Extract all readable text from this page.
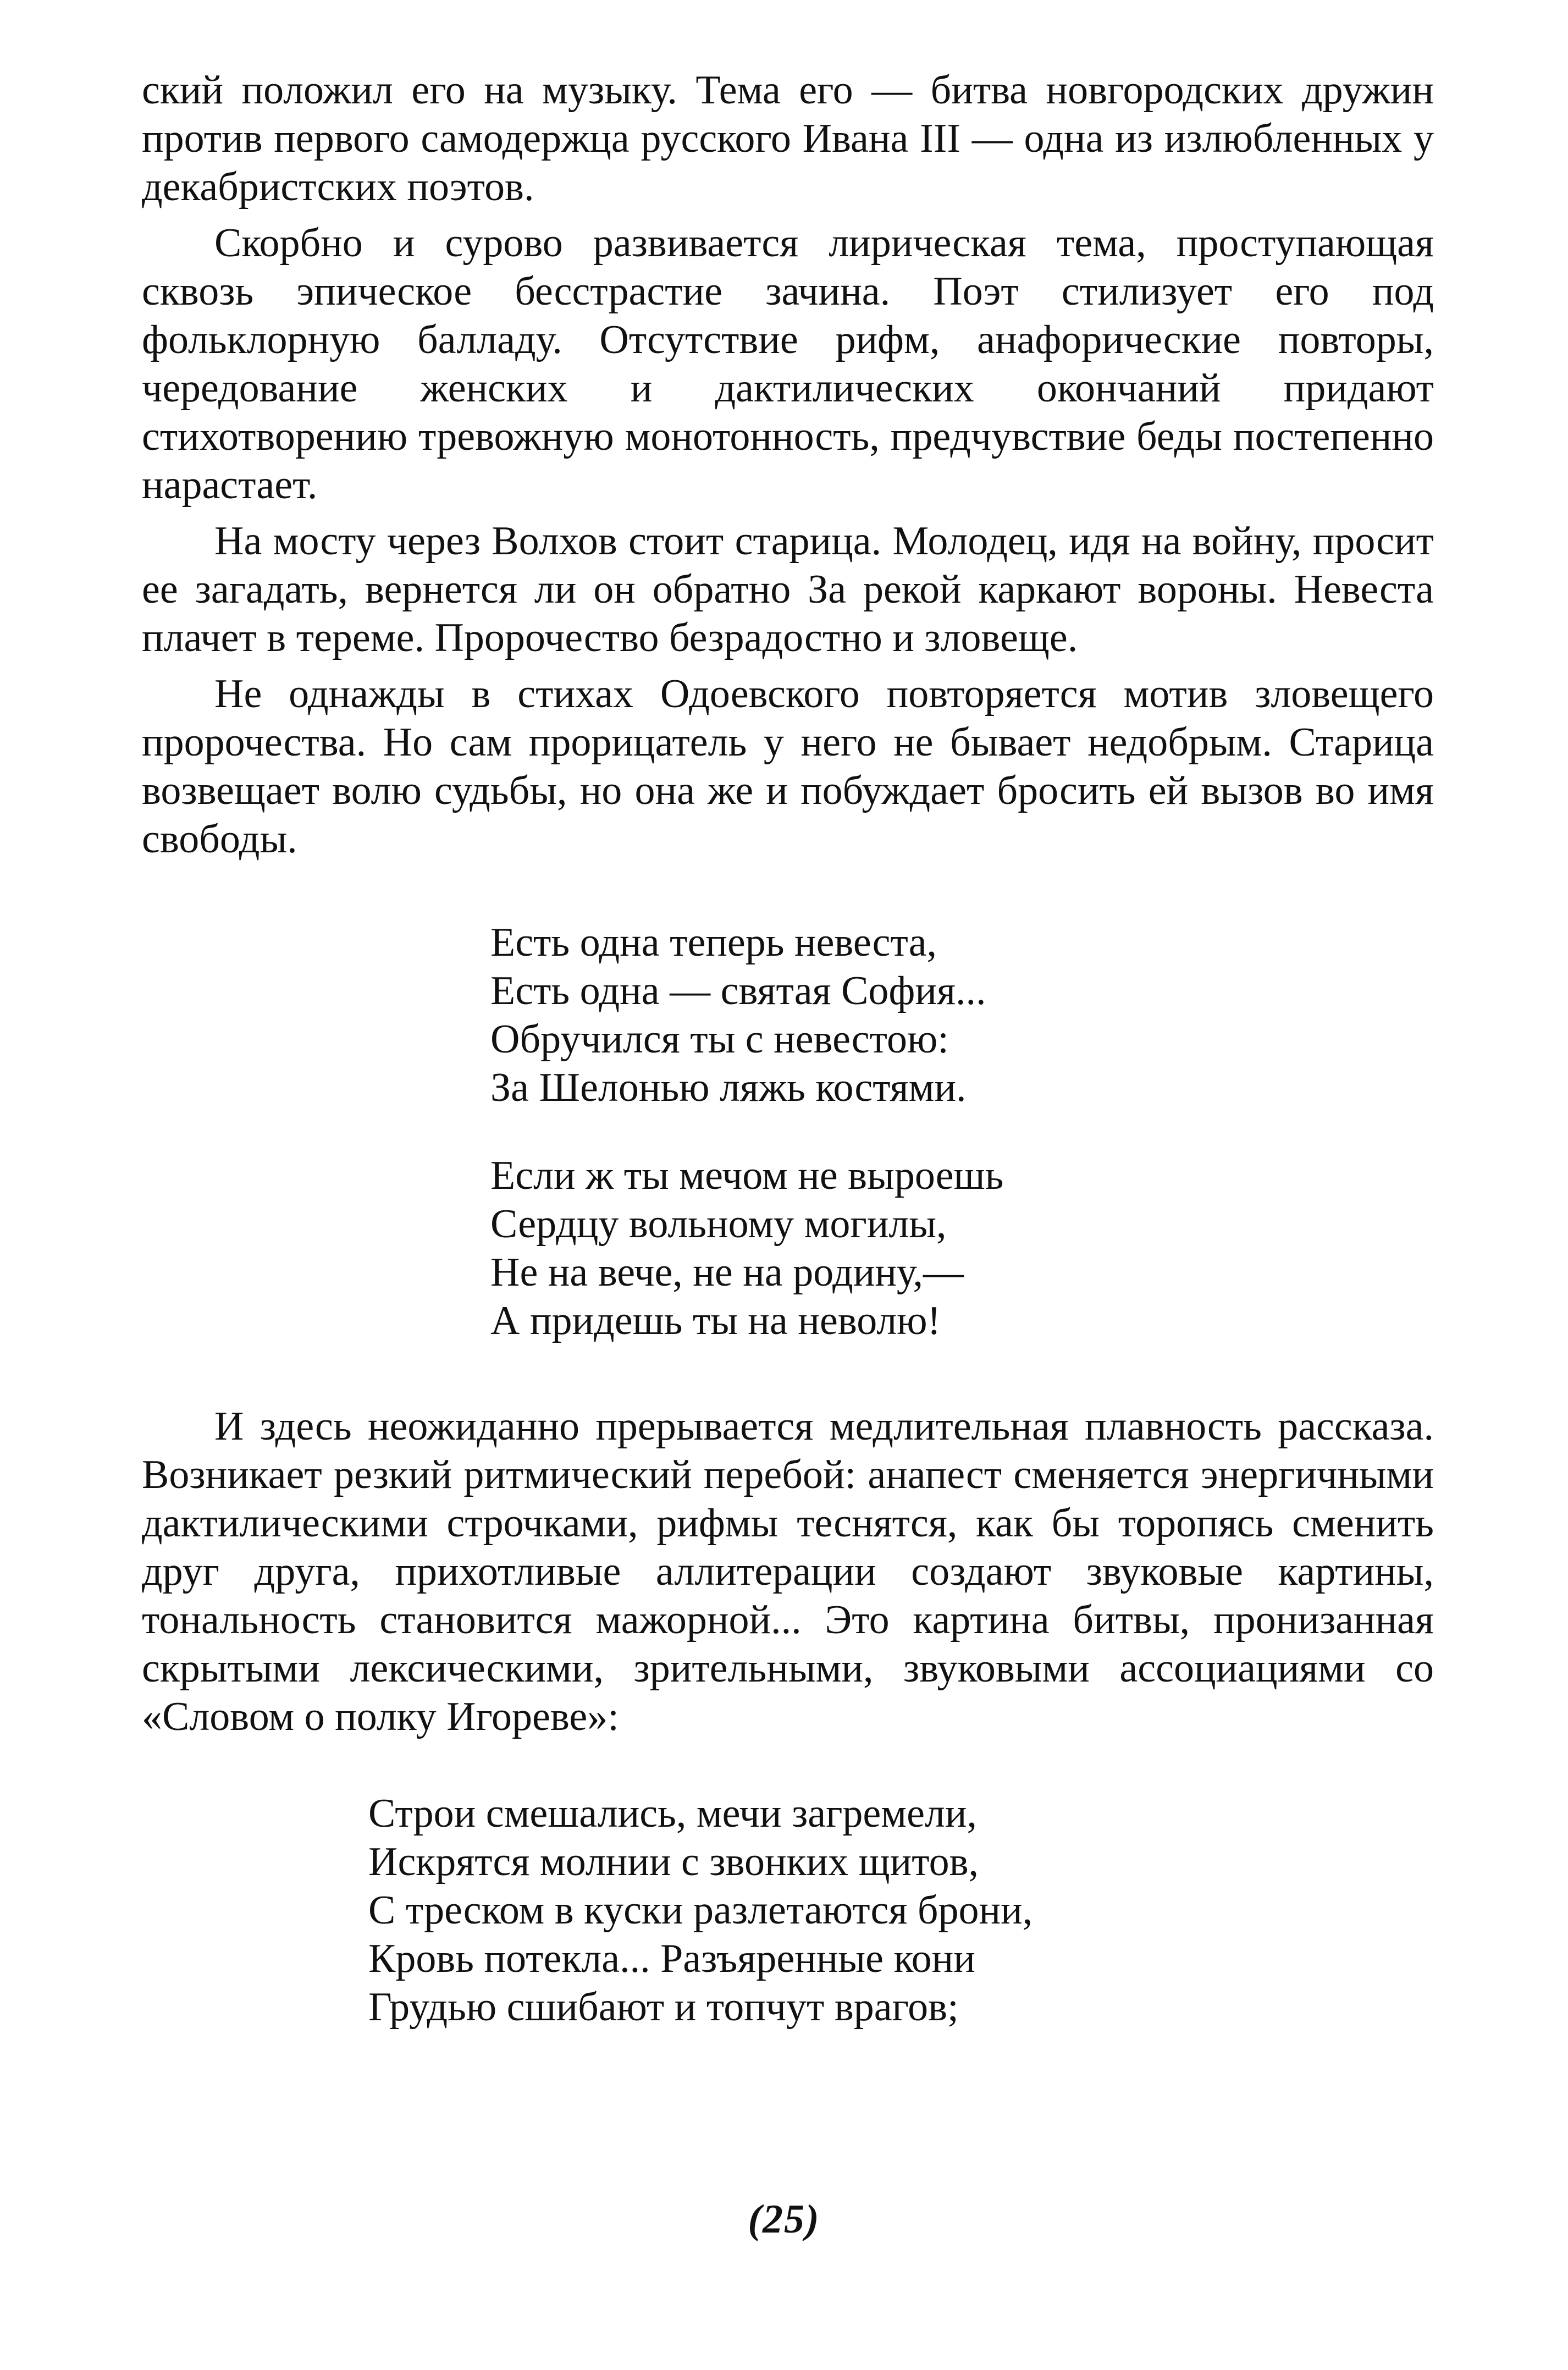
ский положил его на музыку. Тема его — битва новгородских дружин против первого самодержца русского Ивана III — одна из излюбленных у декабристских поэтов.

Скорбно и сурово развивается лирическая тема, проступающая сквозь эпическое бесстрастие зачина. Поэт стилизует его под фольклорную балладу. Отсутствие рифм, анафорические повторы, чередование женских и дактилических окончаний придают стихотворению тревожную монотонность, предчувствие беды постепенно нарастает.

На мосту через Волхов стоит старица. Молодец, идя на войну, просит ее загадать, вернется ли он обратно За рекой каркают вороны. Невеста плачет в тереме. Пророчество безрадостно и зловеще.

Не однажды в стихах Одоевского повторяется мотив зловещего пророчества. Но сам прорицатель у него не бывает недобрым. Старица возвещает волю судьбы, но она же и побуждает бросить ей вызов во имя свободы.

Есть одна теперь невеста,
Есть одна — святая София...
Обручился ты с невестою:
За Шелонью ляжь костями.
Если ж ты мечом не выроешь
Сердцу вольному могилы,
Не на вече, не на родину,—
А придешь ты на неволю!

И здесь неожиданно прерывается медлительная плавность рассказа. Возникает резкий ритмический перебой: анапест сменяется энергичными дактилическими строчками, рифмы теснятся, как бы торопясь сменить друг друга, прихотливые аллитерации создают звуковые картины, тональность становится мажорной... Это картина битвы, пронизанная скрытыми лексическими, зрительными, звуковыми ассоциациями со «Словом о полку Игореве»:

Строи смешались, мечи загремели,
Искрятся молнии с звонких щитов,
С треском в куски разлетаются брони,
Кровь потекла... Разъяренные кони
Грудью сшибают и топчут врагов;
(25)
